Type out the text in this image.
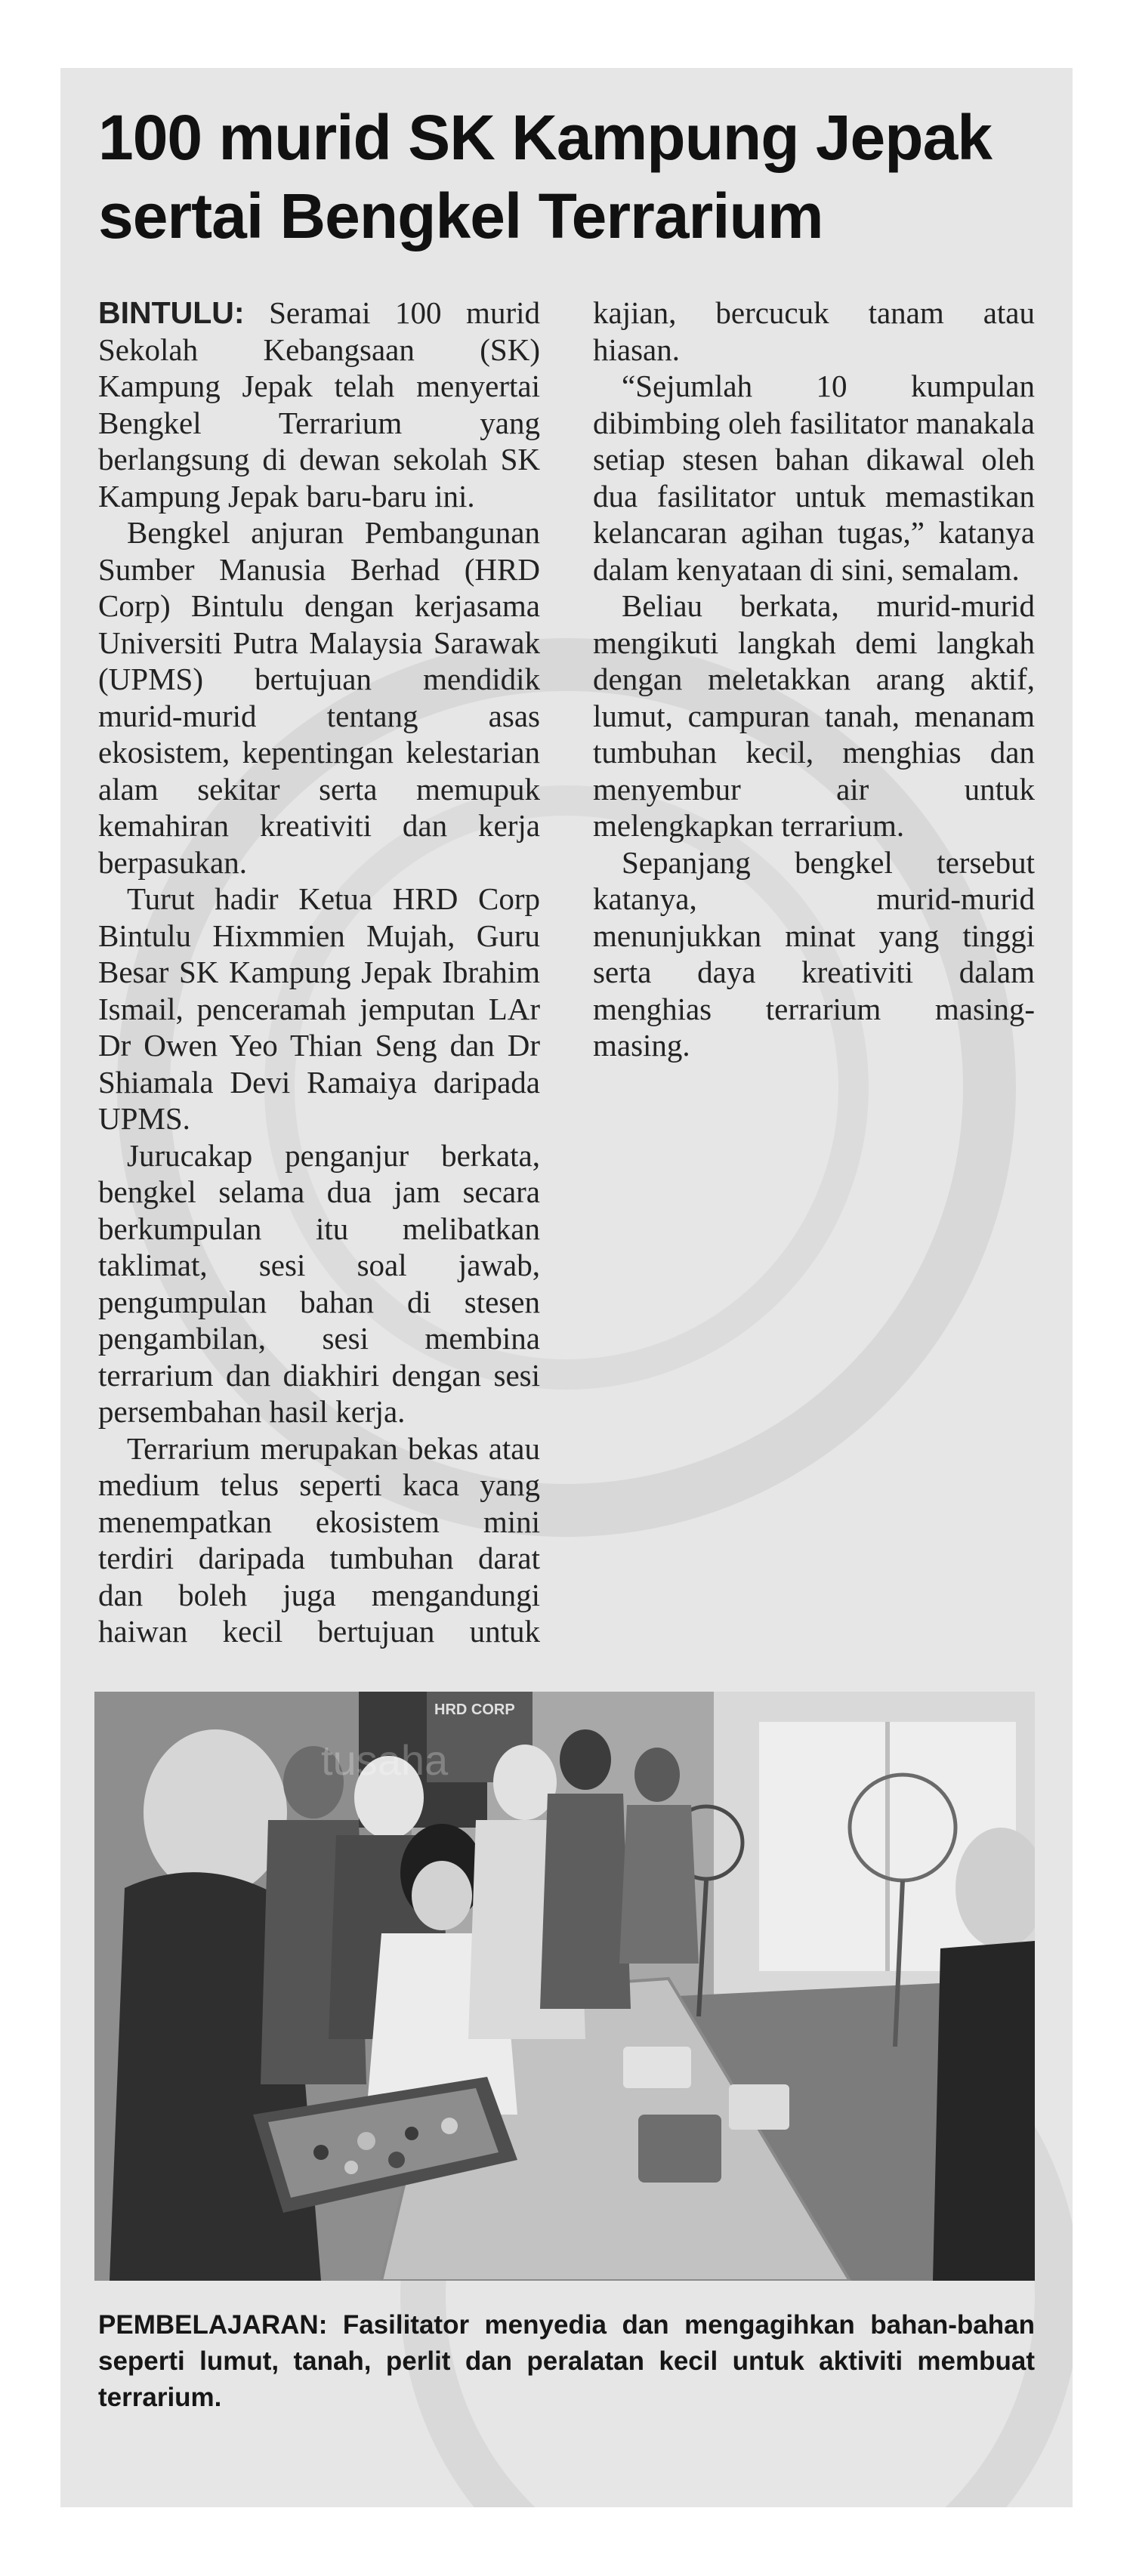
100 murid SK Kampung Jepak sertai Bengkel Terrarium

BINTULU: Seramai 100 murid Sekolah Kebangsaan (SK) Kampung Jepak telah menyertai Bengkel Terrarium yang berlangsung di dewan sekolah SK Kampung Jepak baru-baru ini.

Bengkel anjuran Pembangunan Sumber Manusia Berhad (HRD Corp) Bintulu dengan kerjasama Universiti Putra Malaysia Sarawak (UPMS) bertujuan mendidik murid-murid tentang asas ekosistem, kepentingan kelestarian alam sekitar serta memupuk kemahiran kreativiti dan kerja berpasukan.

Turut hadir Ketua HRD Corp Bintulu Hixmmien Mujah, Guru Besar SK Kampung Jepak Ibrahim Ismail, penceramah jemputan LAr Dr Owen Yeo Thian Seng dan Dr Shiamala Devi Ramaiya daripada UPMS.

Jurucakap penganjur berkata, bengkel selama dua jam secara berkumpulan itu melibatkan taklimat, sesi soal jawab, pengumpulan bahan di stesen pengambilan, sesi membina terrarium dan diakhiri dengan sesi persembahan hasil kerja.

Terrarium merupakan bekas atau medium telus seperti kaca yang menempatkan ekosistem mini terdiri daripada tumbuhan darat dan boleh juga mengandungi haiwan kecil bertujuan untuk kajian, bercucuk tanam atau hiasan.

“Sejumlah 10 kumpulan dibimbing oleh fasilitator manakala setiap stesen bahan dikawal oleh dua fasilitator untuk memastikan kelancaran agihan tugas,” katanya dalam kenyataan di sini, semalam.

Beliau berkata, murid-murid mengikuti langkah demi langkah dengan meletakkan arang aktif, lumut, campuran tanah, menanam tumbuhan kecil, menghias dan menyembur air untuk melengkapkan terrarium.

Sepanjang bengkel tersebut katanya, murid-murid menunjukkan minat yang tinggi serta daya kreativiti dalam menghias terrarium masing-masing.

HRD CORP
tusaha

PEMBELAJARAN: Fasilitator menyedia dan mengagihkan bahan-bahan seperti lumut, tanah, perlit dan peralatan kecil untuk aktiviti membuat terrarium.
